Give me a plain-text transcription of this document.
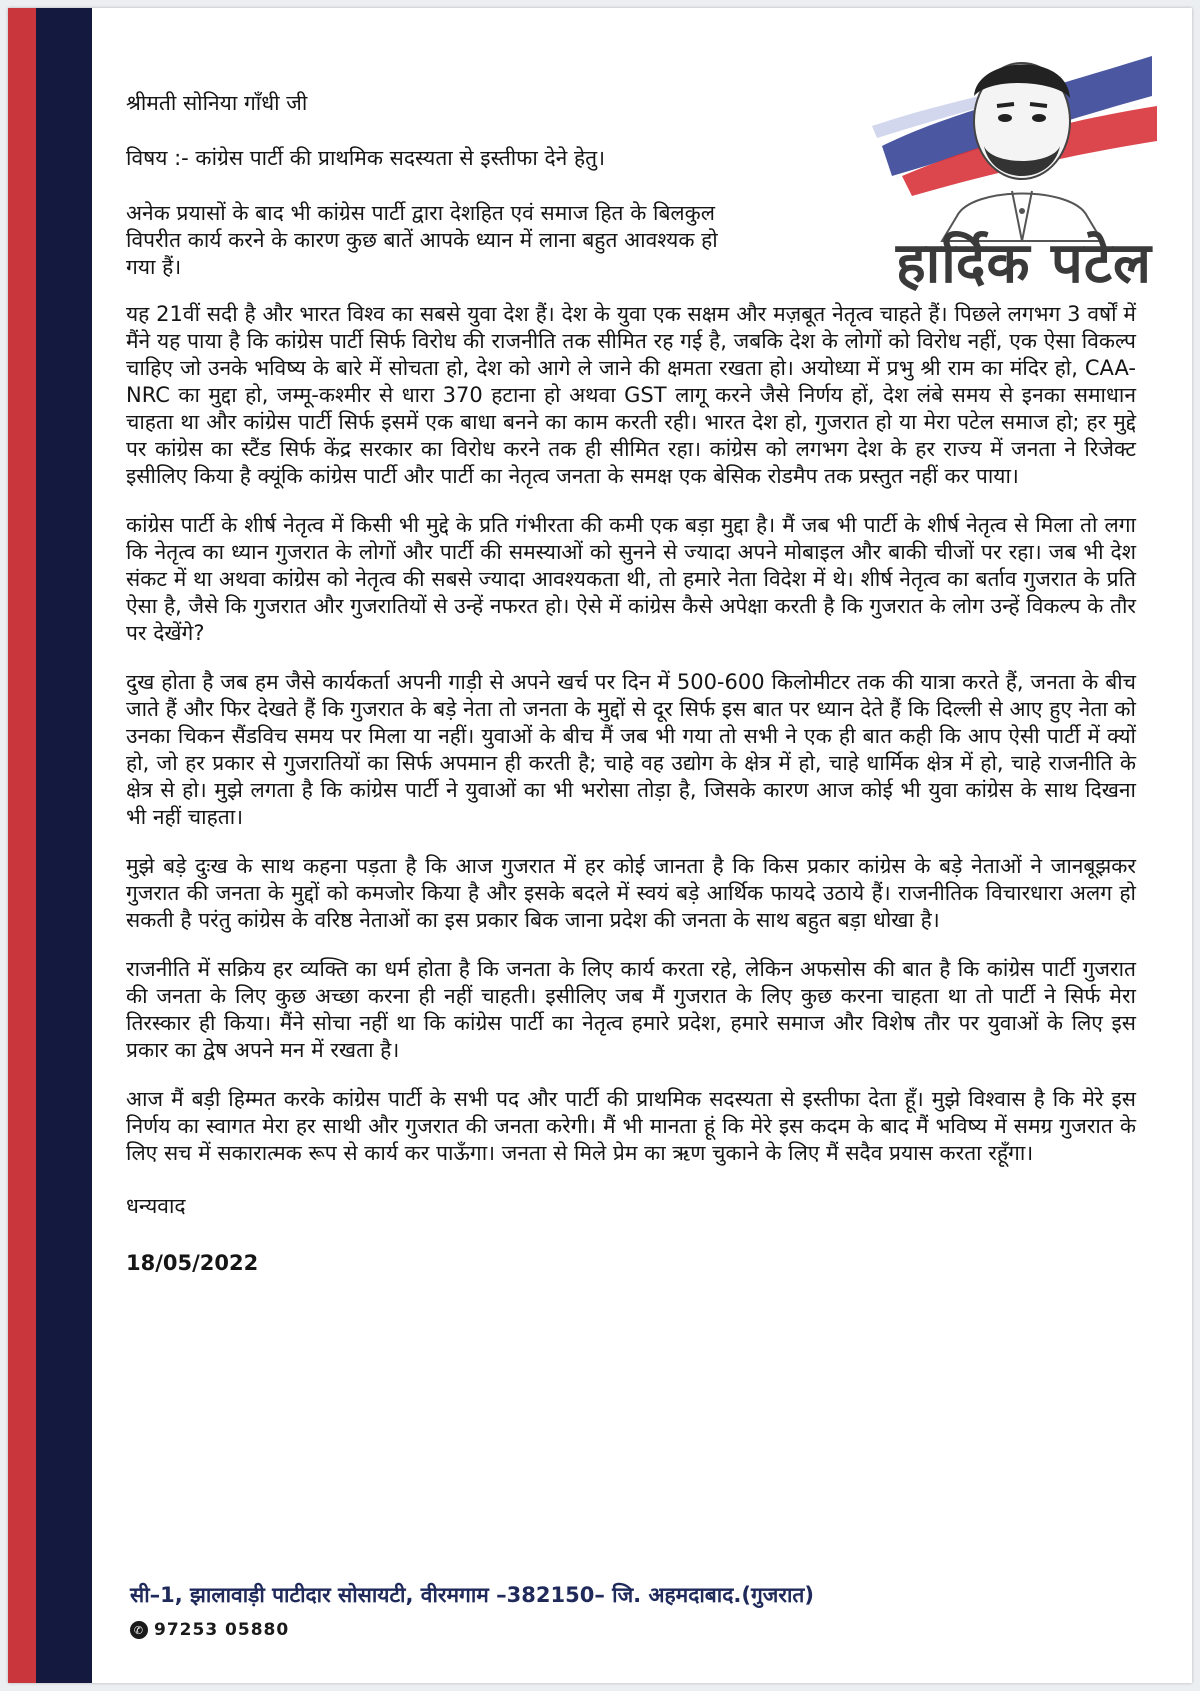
हार्दिक पटेल

श्रीमती सोनिया गाँधी जी

विषय :- कांग्रेस पार्टी की प्राथमिक सदस्यता से इस्तीफा देने हेतु।

अनेक प्रयासों के बाद भी कांग्रेस पार्टी द्वारा देशहित एवं समाज हित के बिलकुल विपरीत कार्य करने के कारण कुछ बातें आपके ध्यान में लाना बहुत आवश्यक हो गया हैं।

यह 21वीं सदी है और भारत विश्व का सबसे युवा देश हैं। देश के युवा एक सक्षम और मज़बूत नेतृत्व चाहते हैं। पिछले लगभग 3 वर्षों में मैंने यह पाया है कि कांग्रेस पार्टी सिर्फ विरोध की राजनीति तक सीमित रह गई है, जबकि देश के लोगों को विरोध नहीं, एक ऐसा विकल्प चाहिए जो उनके भविष्य के बारे में सोचता हो, देश को आगे ले जाने की क्षमता रखता हो। अयोध्या में प्रभु श्री राम का मंदिर हो, CAA-NRC का मुद्दा हो, जम्मू-कश्मीर से धारा 370 हटाना हो अथवा GST लागू करने जैसे निर्णय हों, देश लंबे समय से इनका समाधान चाहता था और कांग्रेस पार्टी सिर्फ इसमें एक बाधा बनने का काम करती रही। भारत देश हो, गुजरात हो या मेरा पटेल समाज हो; हर मुद्दे पर कांग्रेस का स्टैंड सिर्फ केंद्र सरकार का विरोध करने तक ही सीमित रहा। कांग्रेस को लगभग देश के हर राज्य में जनता ने रिजेक्ट इसीलिए किया है क्यूंकि कांग्रेस पार्टी और पार्टी का नेतृत्व जनता के समक्ष एक बेसिक रोडमैप तक प्रस्तुत नहीं कर पाया।

कांग्रेस पार्टी के शीर्ष नेतृत्व में किसी भी मुद्दे के प्रति गंभीरता की कमी एक बड़ा मुद्दा है। मैं जब भी पार्टी के शीर्ष नेतृत्व से मिला तो लगा कि नेतृत्व का ध्यान गुजरात के लोगों और पार्टी की समस्याओं को सुनने से ज्यादा अपने मोबाइल और बाकी चीजों पर रहा। जब भी देश संकट में था अथवा कांग्रेस को नेतृत्व की सबसे ज्यादा आवश्यकता थी, तो हमारे नेता विदेश में थे। शीर्ष नेतृत्व का बर्ताव गुजरात के प्रति ऐसा है, जैसे कि गुजरात और गुजरातियों से उन्हें नफरत हो। ऐसे में कांग्रेस कैसे अपेक्षा करती है कि गुजरात के लोग उन्हें विकल्प के तौर पर देखेंगे?

दुख होता है जब हम जैसे कार्यकर्ता अपनी गाड़ी से अपने खर्च पर दिन में 500-600 किलोमीटर तक की यात्रा करते हैं, जनता के बीच जाते हैं और फिर देखते हैं कि गुजरात के बड़े नेता तो जनता के मुद्दों से दूर सिर्फ इस बात पर ध्यान देते हैं कि दिल्ली से आए हुए नेता को उनका चिकन सैंडविच समय पर मिला या नहीं। युवाओं के बीच मैं जब भी गया तो सभी ने एक ही बात कही कि आप ऐसी पार्टी में क्यों हो, जो हर प्रकार से गुजरातियों का सिर्फ अपमान ही करती है; चाहे वह उद्योग के क्षेत्र में हो, चाहे धार्मिक क्षेत्र में हो, चाहे राजनीति के क्षेत्र से हो। मुझे लगता है कि कांग्रेस पार्टी ने युवाओं का भी भरोसा तोड़ा है, जिसके कारण आज कोई भी युवा कांग्रेस के साथ दिखना भी नहीं चाहता।

मुझे बड़े दुःख के साथ कहना पड़ता है कि आज गुजरात में हर कोई जानता है कि किस प्रकार कांग्रेस के बड़े नेताओं ने जानबूझकर गुजरात की जनता के मुद्दों को कमजोर किया है और इसके बदले में स्वयं बड़े आर्थिक फायदे उठाये हैं। राजनीतिक विचारधारा अलग हो सकती है परंतु कांग्रेस के वरिष्ठ नेताओं का इस प्रकार बिक जाना प्रदेश की जनता के साथ बहुत बड़ा धोखा है।

राजनीति में सक्रिय हर व्यक्ति का धर्म होता है कि जनता के लिए कार्य करता रहे, लेकिन अफसोस की बात है कि कांग्रेस पार्टी गुजरात की जनता के लिए कुछ अच्छा करना ही नहीं चाहती। इसीलिए जब मैं गुजरात के लिए कुछ करना चाहता था तो पार्टी ने सिर्फ मेरा तिरस्कार ही किया। मैंने सोचा नहीं था कि कांग्रेस पार्टी का नेतृत्व हमारे प्रदेश, हमारे समाज और विशेष तौर पर युवाओं के लिए इस प्रकार का द्वेष अपने मन में रखता है।

आज मैं बड़ी हिम्मत करके कांग्रेस पार्टी के सभी पद और पार्टी की प्राथमिक सदस्यता से इस्तीफा देता हूँ। मुझे विश्वास है कि मेरे इस निर्णय का स्वागत मेरा हर साथी और गुजरात की जनता करेगी। मैं भी मानता हूं कि मेरे इस कदम के बाद मैं भविष्य में समग्र गुजरात के लिए सच में सकारात्मक रूप से कार्य कर पाऊँगा। जनता से मिले प्रेम का ऋण चुकाने के लिए मैं सदैव प्रयास करता रहूँगा।

धन्यवाद

18/05/2022

सी–1, झालावाड़ी पाटीदार सोसायटी, वीरमगाम –382150– जि. अहमदाबाद.(गुजरात)
✆ 97253 05880
